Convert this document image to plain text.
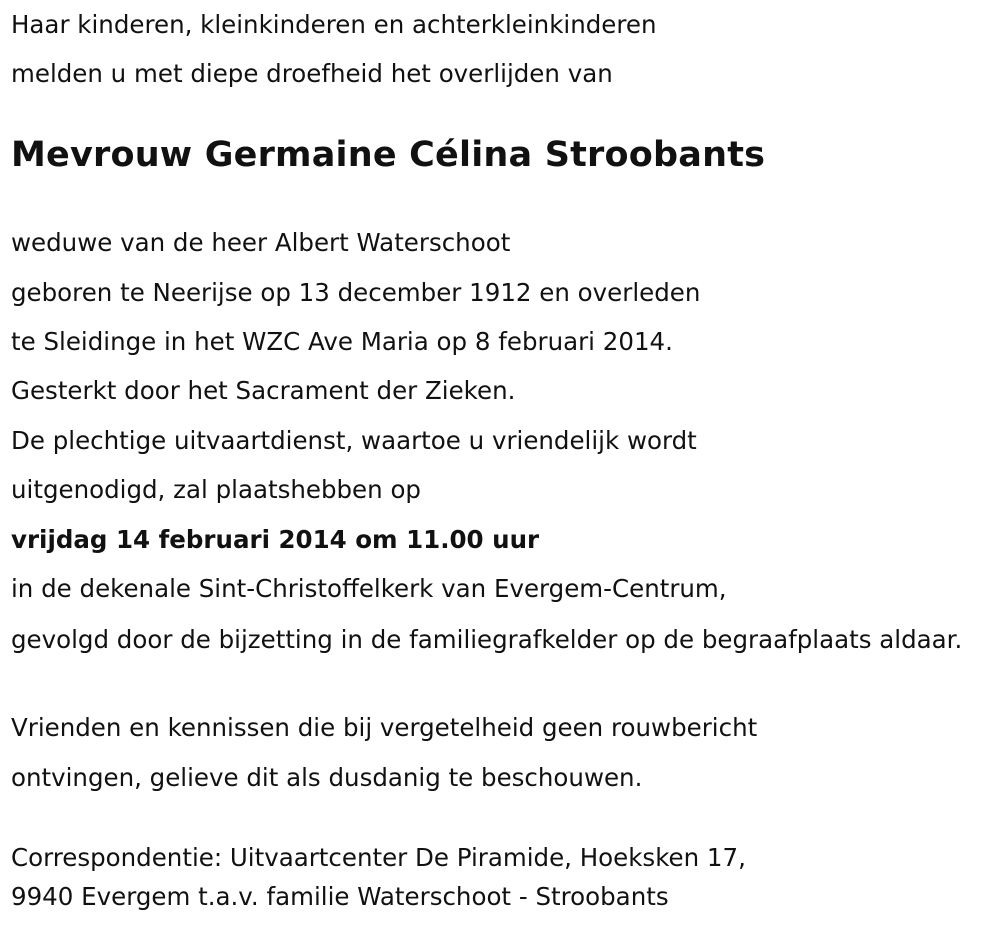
Haar kinderen, kleinkinderen en achterkleinkinderen
melden u met diepe droefheid het overlijden van
Mevrouw Germaine Célina Stroobants
weduwe van de heer Albert Waterschoot
geboren te Neerijse op 13 december 1912 en overleden
te Sleidinge in het WZC Ave Maria op 8 februari 2014.
Gesterkt door het Sacrament der Zieken.
De plechtige uitvaartdienst, waartoe u vriendelijk wordt
uitgenodigd, zal plaatshebben op
vrijdag 14 februari 2014 om 11.00 uur
in de dekenale Sint-Christoffelkerk van Evergem-Centrum,
gevolgd door de bijzetting in de familiegrafkelder op de begraafplaats aldaar.
Vrienden en kennissen die bij vergetelheid geen rouwbericht
ontvingen, gelieve dit als dusdanig te beschouwen.
Correspondentie: Uitvaartcenter De Piramide, Hoeksken 17,
9940 Evergem t.a.v. familie Waterschoot - Stroobants
